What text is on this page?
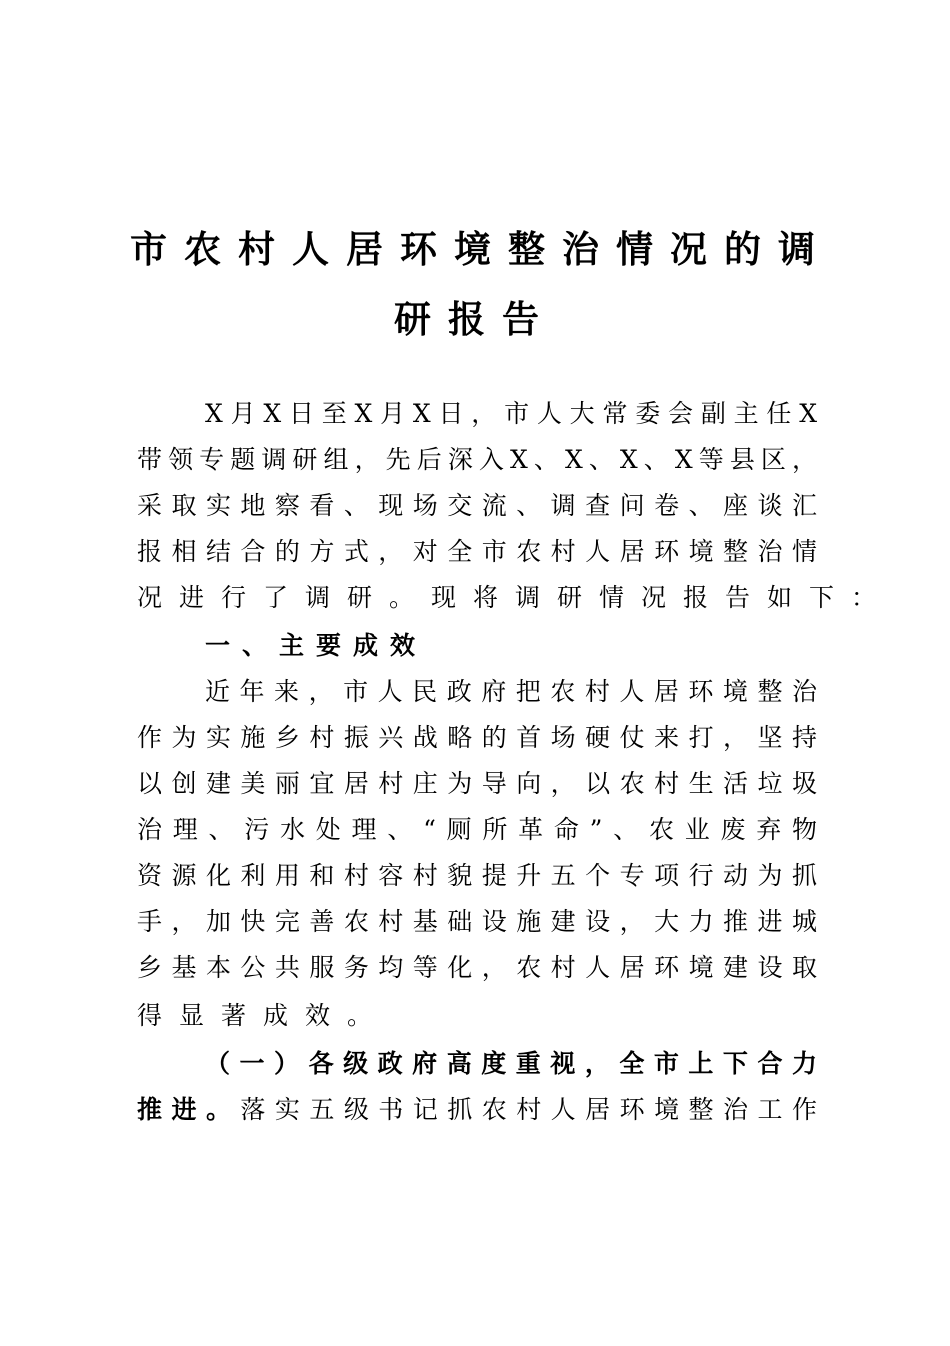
市农村人居环境整治情况的调
研报告
X月X日至X月X日，市人大常委会副主任X
带领专题调研组，先后深入X、X、X、X等县区，
采取实地察看、现场交流、调查问卷、座谈汇
报相结合的方式，对全市农村人居环境整治情
况进行了调研。现将调研情况报告如下：
一、主要成效
近年来，市人民政府把农村人居环境整治
作为实施乡村振兴战略的首场硬仗来打，坚持
以创建美丽宜居村庄为导向，以农村生活垃圾
治理、污水处理、“厕所革命”、农业废弃物
资源化利用和村容村貌提升五个专项行动为抓
手，加快完善农村基础设施建设，大力推进城
乡基本公共服务均等化，农村人居环境建设取
得显著成效。
（一）各级政府高度重视，全市上下合力
推进。落实五级书记抓农村人居环境整治工作
